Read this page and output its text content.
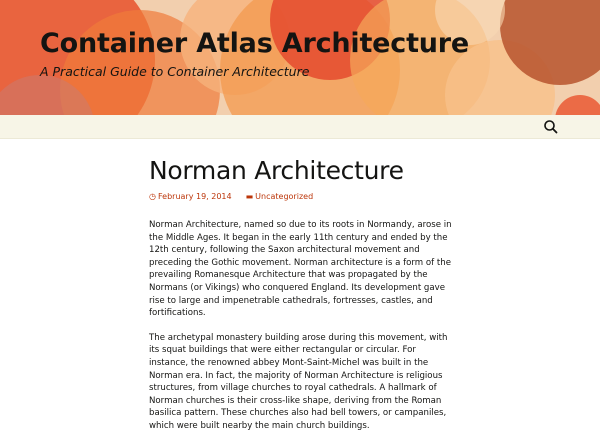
Container Atlas Architecture

A Practical Guide to Container Architecture

Norman Architecture
◷ February 19, 2014 ▬ Uncategorized

Norman Architecture, named so due to its roots in Normandy, arose in the Middle Ages. It began in the early 11th century and ended by the 12th century, following the Saxon architectural movement and preceding the Gothic movement. Norman architecture is a form of the prevailing Romanesque Architecture that was propagated by the Normans (or Vikings) who conquered England. Its development gave rise to large and impenetrable cathedrals, fortresses, castles, and fortifications.

The archetypal monastery building arose during this movement, with its squat buildings that were either rectangular or circular. For instance, the renowned abbey Mont-Saint-Michel was built in the Norman era. In fact, the majority of Norman Architecture is religious structures, from village churches to royal cathedrals. A hallmark of Norman churches is their cross-like shape, deriving from the Roman basilica pattern. These churches also had bell towers, or campaniles, which were built nearby the main church buildings.
